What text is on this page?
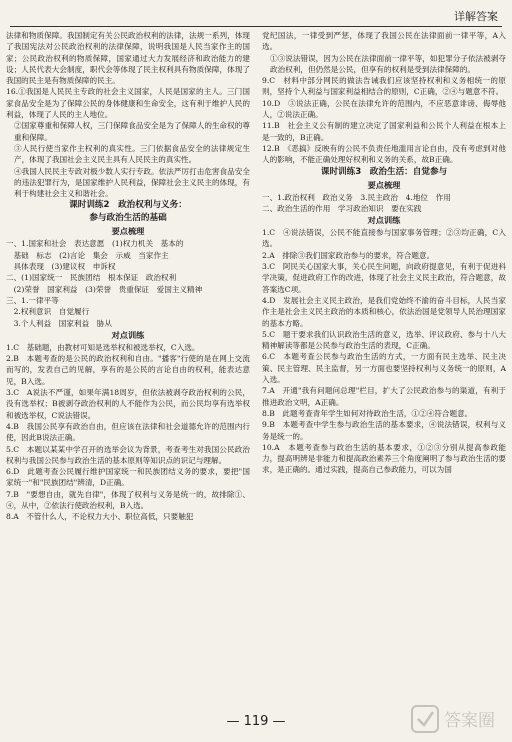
详解答案

法律和物质保障。我国制定有关公民政治权利的法律，法规一系列，体现了我国宪法对公民政治权利的法律保障，说明我国是人民当家作主的国家；公民政治权利的物质保障，国家通过大力发展经济和政治能力的建设；人民代表大会制度，职代会等体现了民主权利具有物质保障，体现了我国的民主是有物质保障的民主。

16.①我国是人民民主专政的社会主义国家，人民是国家的主人。三门国家食品安全是为了保障公民的身体健康和生命安全，这有利于维护人民的利益，体现了人民的主人地位。

②国家尊重和保障人权，三门保障食品安全是为了保障人的生命权的尊重和保障。

③人民行使当家作主权利的真实性。三门依据食品安全的法律规定生产，体现了我国社会主义民主具有人民民主的真实性。

④我国人民民主专政对极少数人实行专政。依法严厉打击危害食品安全的违法犯罪行为，是国家维护人民利益，保障社会主义民主的体现，有利于构建社会主义和谐社会。

课时训练2　政治权利与义务：

参与政治生活的基础

要点梳理

一、1.国家和社会　表达意愿　(1)权力机关　基本的

　基础　标志　(2)言论　集会　示威　当家作主

　具体表现　(3)建议权　申诉权

二、(1)国家统一　民族团结　根本保证　政治权利

　(2)荣誉　国家利益　(3)荣誉　贵重保证　爱国主义精神

三、1.一律平等

　2.权利意识　自觉履行

　3.个人利益　国家利益　胁从

对点训练

1.C　基础题，由教材可知是选举权和被选举权，C入选。

2.B　本题考查的是公民的政治权利和自由。"播客"行使的是在网上交流而写的，发表自己的见解，享有的是公民的言论自由的权利，能表达意见，B入选。

3.C　A说法不严谨，如果年满18周岁，但依法被剥夺政治权利的公民，没有选举权；B被剥夺政治权利的人不能作为公民，而公民均享有选举权和被选举权，C说法错误。

4.B　我国公民享有政治自由，但应该在法律和社会道德允许的范围内行使，因此B说法正确。

5.C　本题以某某中学召开的选举会议为背景，考查考生对我国公民政治权利与我国公民参与政治生活的基本原则等知识点的识记与理解。

6.D　此题考查公民履行维护国家统一和民族团结义务的要求，要把"国家统一"和"民族团结"辨清，D正确。

7.B　"要想自由，就先自律"，体现了权利与义务是统一的，故排除①、④，从中，②依法行使政治权利，B入选。

8.A　不管什么人，不论权力大小、职位高低，只要触犯

党纪国法，一律受到严惩，体现了我国公民在法律面前一律平等，A入选。

①③说法错误，因为公民在法律面前一律平等，如犯罪分子依法被剥夺政治权利，但仍然是公民，但享有的权利是受到法律保障的。

9.C　材料中部分网民的做法告诫我们应该坚持权利和义务相统一的原则，坚持个人利益与国家利益相结合的原则，C正确，②④与题意不符。

10.D　③说法正确，公民在法律允许的范围内，不应恶意诽谤、侮辱他人，②说法正确。

11.B　社会主义公有制的建立决定了国家利益和公民个人利益在根本上是一致的，B正确。

12.B　《恶搞》反映有的公民不负责任地滥用言论自由，没有考虑到对他人的影响，不能正确处理好权利和义务的关系，故B正确。

课时训练3　政治生活：自觉参与

要点梳理

一、1.政治权利　政治义务　3.民主政治　4.地位　作用

二、政治生活的作用　学习政治知识　要在实践

对点训练

1.C　④说法错误，公民不能直接参与国家事务管理；②③均正确，C入选。

2.A　排除③我们国家政治参与的要求，符合题意。

3.C　阿民关心国家大事，关心民生问题，向政府提意见，有利于促进科学决策，促进政府工作的改进，体现了社会主义民主政治，符合题意，故答案选C项。

4.D　发展社会主义民主政治，是我们党始终不渝的奋斗目标，人民当家作主是社会主义民主政治的本质和核心，依法治国是党领导人民治理国家的基本方略。

5.C　题干要求我们认识政治生活的意义，选举、评议政府、参与十八大精神解读等都是公民参与政治生活的表现，C正确。

6.C　本题考查公民参与政治生活的方式，一方面有民主选举、民主决策、民主管理、民主监督，另一方面也要坚持权利与义务统一的原则，A入选。

7.A　开通"我有问题问总理"栏目，扩大了公民政治参与的渠道，有利于推进政治文明，A正确。

8.B　此题考查青年学生如何对待政治生活，①②④符合题意。

9.B　本题考查中学生参与政治生活的基本要求，④说法错误，权利与义务是统一的。

10.A　本题考查参与政治生活的基本要求，①②③分别从提高参政能力，提高明辨是非能力和提高政治素养三个角度阐明了参与政治生活的要求，是正确的。通过实践，提高自己参政能力，可以为国

— 119 —	答案圈
